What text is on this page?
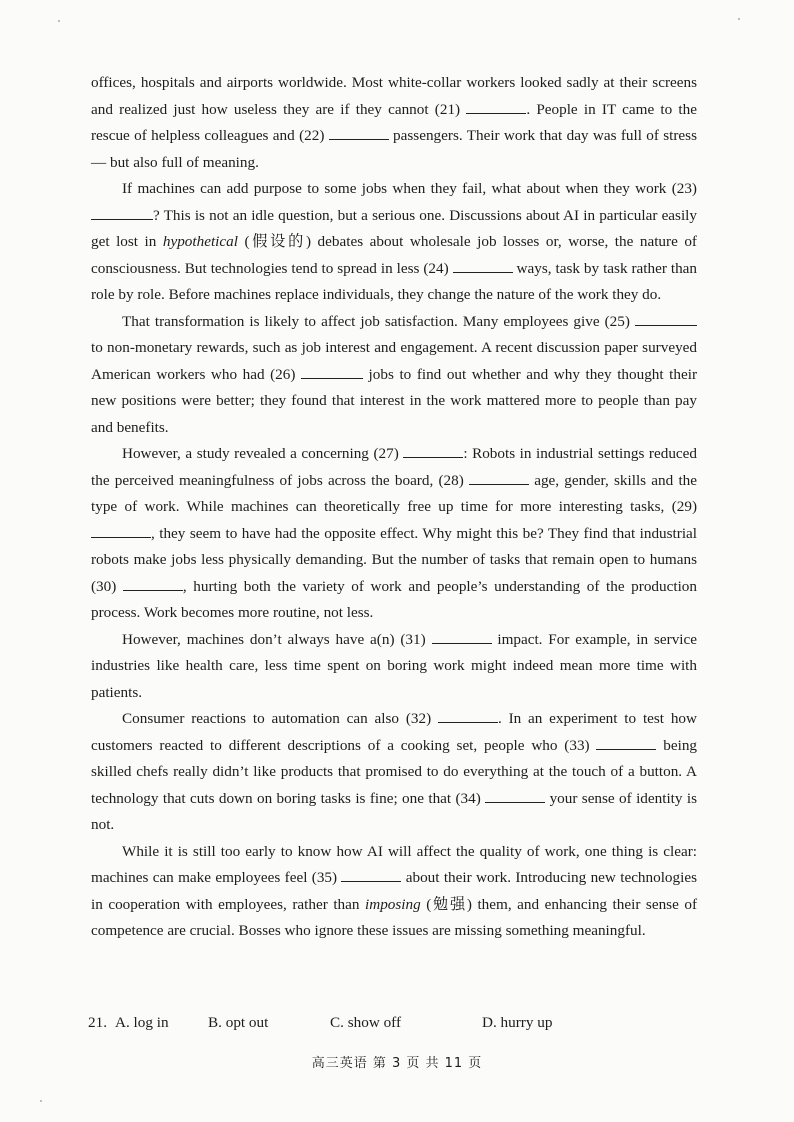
offices, hospitals and airports worldwide. Most white-collar workers looked sadly at their screens and realized just how useless they are if they cannot (21)	. People in IT came to the rescue of helpless colleagues and (22)	passengers. Their work that day was full of stress — but also full of meaning.

If machines can add purpose to some jobs when they fail, what about when they work (23) ? This is not an idle question, but a serious one. Discussions about AI in particular easily get lost in hypothetical (假设的) debates about wholesale job losses or, worse, the nature of consciousness. But technologies tend to spread in less (24)	ways, task by task rather than role by role. Before machines replace individuals, they change the nature of the work they do.

That transformation is likely to affect job satisfaction. Many employees give (25)  to non-monetary rewards, such as job interest and engagement. A recent discussion paper surveyed American workers who had (26)	jobs to find out whether and why they thought their new positions were better; they found that interest in the work mattered more to people than pay and benefits.

However, a study revealed a concerning (27)	: Robots in industrial settings reduced the perceived meaningfulness of jobs across the board, (28)	age, gender, skills and the type of work. While machines can theoretically free up time for more interesting tasks, (29) , they seem to have had the opposite effect. Why might this be? They find that industrial robots make jobs less physically demanding. But the number of tasks that remain open to humans (30)	, hurting both the variety of work and people’s understanding of the production process. Work becomes more routine, not less.

However, machines don’t always have a(n) (31)	impact. For example, in service industries like health care, less time spent on boring work might indeed mean more time with patients.

Consumer reactions to automation can also (32)	. In an experiment to test how customers reacted to different descriptions of a cooking set, people who (33)	being skilled chefs really didn’t like products that promised to do everything at the touch of a button. A technology that cuts down on boring tasks is fine; one that (34)	your sense of identity is not.

While it is still too early to know how AI will affect the quality of work, one thing is clear: machines can make employees feel (35)	about their work. Introducing new technologies in cooperation with employees, rather than imposing (勉强) them, and enhancing their sense of competence are crucial. Bosses who ignore these issues are missing something meaningful.

21. A. log in	B. opt out	C. show off	D. hurry up
高三英语 第 3 页 共 11 页
